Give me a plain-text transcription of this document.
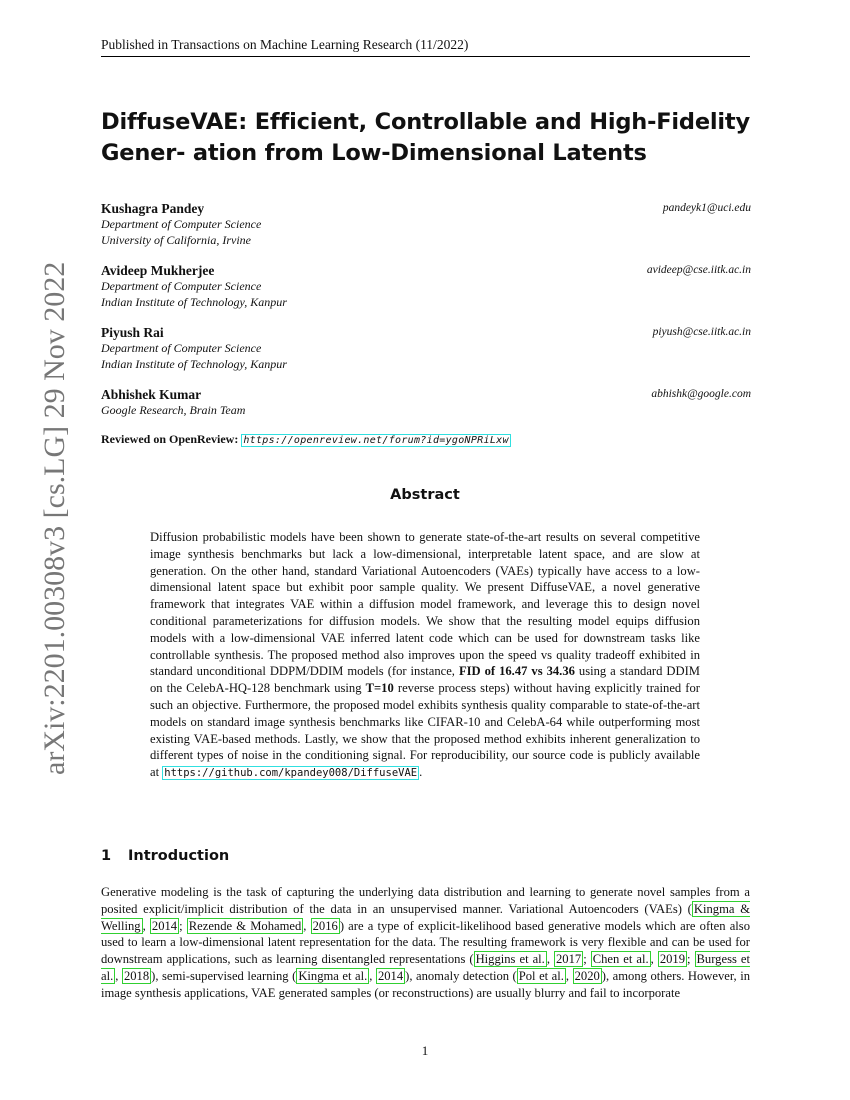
Published in Transactions on Machine Learning Research (11/2022)
DiffuseVAE: Efficient, Controllable and High-Fidelity Gener- ation from Low-Dimensional Latents
Kushagra Pandey	pandeyk1@uci.edu
Department of Computer Science
University of California, Irvine
Avideep Mukherjee	avideep@cse.iitk.ac.in
Department of Computer Science
Indian Institute of Technology, Kanpur
Piyush Rai	piyush@cse.iitk.ac.in
Department of Computer Science
Indian Institute of Technology, Kanpur
Abhishek Kumar	abhishk@google.com
Google Research, Brain Team
Reviewed on OpenReview: https://openreview.net/forum?id=ygoNPRiLxw
Abstract
Diffusion probabilistic models have been shown to generate state-of-the-art results on several competitive image synthesis benchmarks but lack a low-dimensional, interpretable latent space, and are slow at generation. On the other hand, standard Variational Autoencoders (VAEs) typically have access to a low-dimensional latent space but exhibit poor sample quality. We present DiffuseVAE, a novel generative framework that integrates VAE within a diffusion model framework, and leverage this to design novel conditional parameterizations for diffusion models. We show that the resulting model equips diffusion models with a low-dimensional VAE inferred latent code which can be used for downstream tasks like controllable synthesis. The proposed method also improves upon the speed vs quality tradeoff exhibited in standard unconditional DDPM/DDIM models (for instance, FID of 16.47 vs 34.36 using a standard DDIM on the CelebA-HQ-128 benchmark using T=10 reverse process steps) without having explicitly trained for such an objective. Furthermore, the proposed model exhibits synthesis quality comparable to state-of-the-art models on standard image synthesis benchmarks like CIFAR-10 and CelebA-64 while outperforming most existing VAE-based methods. Lastly, we show that the proposed method exhibits inherent generalization to different types of noise in the conditioning signal. For reproducibility, our source code is publicly available at https://github.com/kpandey008/DiffuseVAE .
1 Introduction
Generative modeling is the task of capturing the underlying data distribution and learning to generate novel samples from a posited explicit/implicit distribution of the data in an unsupervised manner. Variational Autoencoders (VAEs) ( Kingma & Welling , 2014 ; Rezende & Mohamed , 2016 ) are a type of explicit-likelihood based generative models which are often also used to learn a low-dimensional latent representation for the data. The resulting framework is very flexible and can be used for downstream applications, such as learning disentangled representations ( Higgins et al. , 2017 ; Chen et al. , 2019 ; Burgess et al. , 2018 ), semi-supervised learning ( Kingma et al. , 2014 ), anomaly detection ( Pol et al. , 2020 ), among others. However, in image synthesis applications, VAE generated samples (or reconstructions) are usually blurry and fail to incorporate
1
arXiv:2201.00308v3 [cs.LG] 29 Nov 2022
